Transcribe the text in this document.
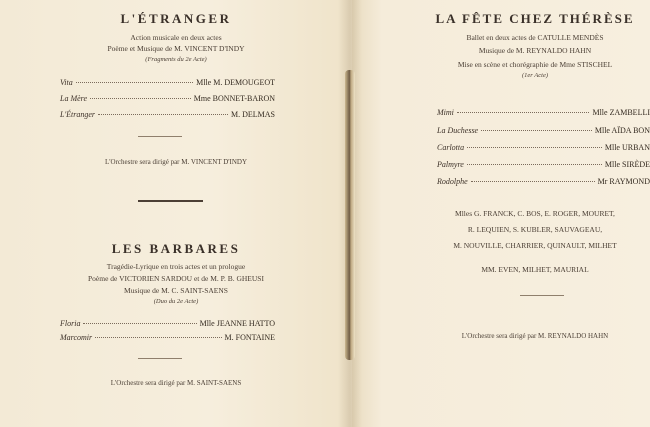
L'ÉTRANGER
Action musicale en deux actes
Poème et Musique de M. VINCENT D'INDY
(Fragments du 2e Acte)
Vita	Mlle M. DEMOUGEOT
La Mère	Mme BONNET-BARON
L'Étranger	M. DELMAS
L'Orchestre sera dirigé par M. VINCENT D'INDY
LES BARBARES
Tragédie-Lyrique en trois actes et un prologue
Poème de VICTORIEN SARDOU et de M. P. B. GHEUSI
Musique de M. C. SAINT-SAENS
(Duo du 2e Acte)
Floria	Mlle JEANNE HATTO
Marcomir	M. FONTAINE
L'Orchestre sera dirigé par M. SAINT-SAENS
LA FÊTE CHEZ THÉRÈSE
Ballet en deux actes de CATULLE MENDÈS
Musique de M. REYNALDO HAHN
Mise en scène et chorégraphie de Mme STISCHEL
(1er Acte)
Mimi	Mlle ZAMBELLI
La Duchesse	Mlle AÏDA BON
Carlotta	Mlle URBAN
Palmyre	Mlle SIRÈDE
Rodolphe	Mr RAYMOND
Mlles G. FRANCK, C. BOS, E. ROGER, MOURET,
R. LEQUIEN, S. KUBLER, SAUVAGEAU,
M. NOUVILLE, CHARRIER, QUINAULT, MILHET
MM. EVEN, MILHET, MAURIAL
L'Orchestre sera dirigé par M. REYNALDO HAHN
